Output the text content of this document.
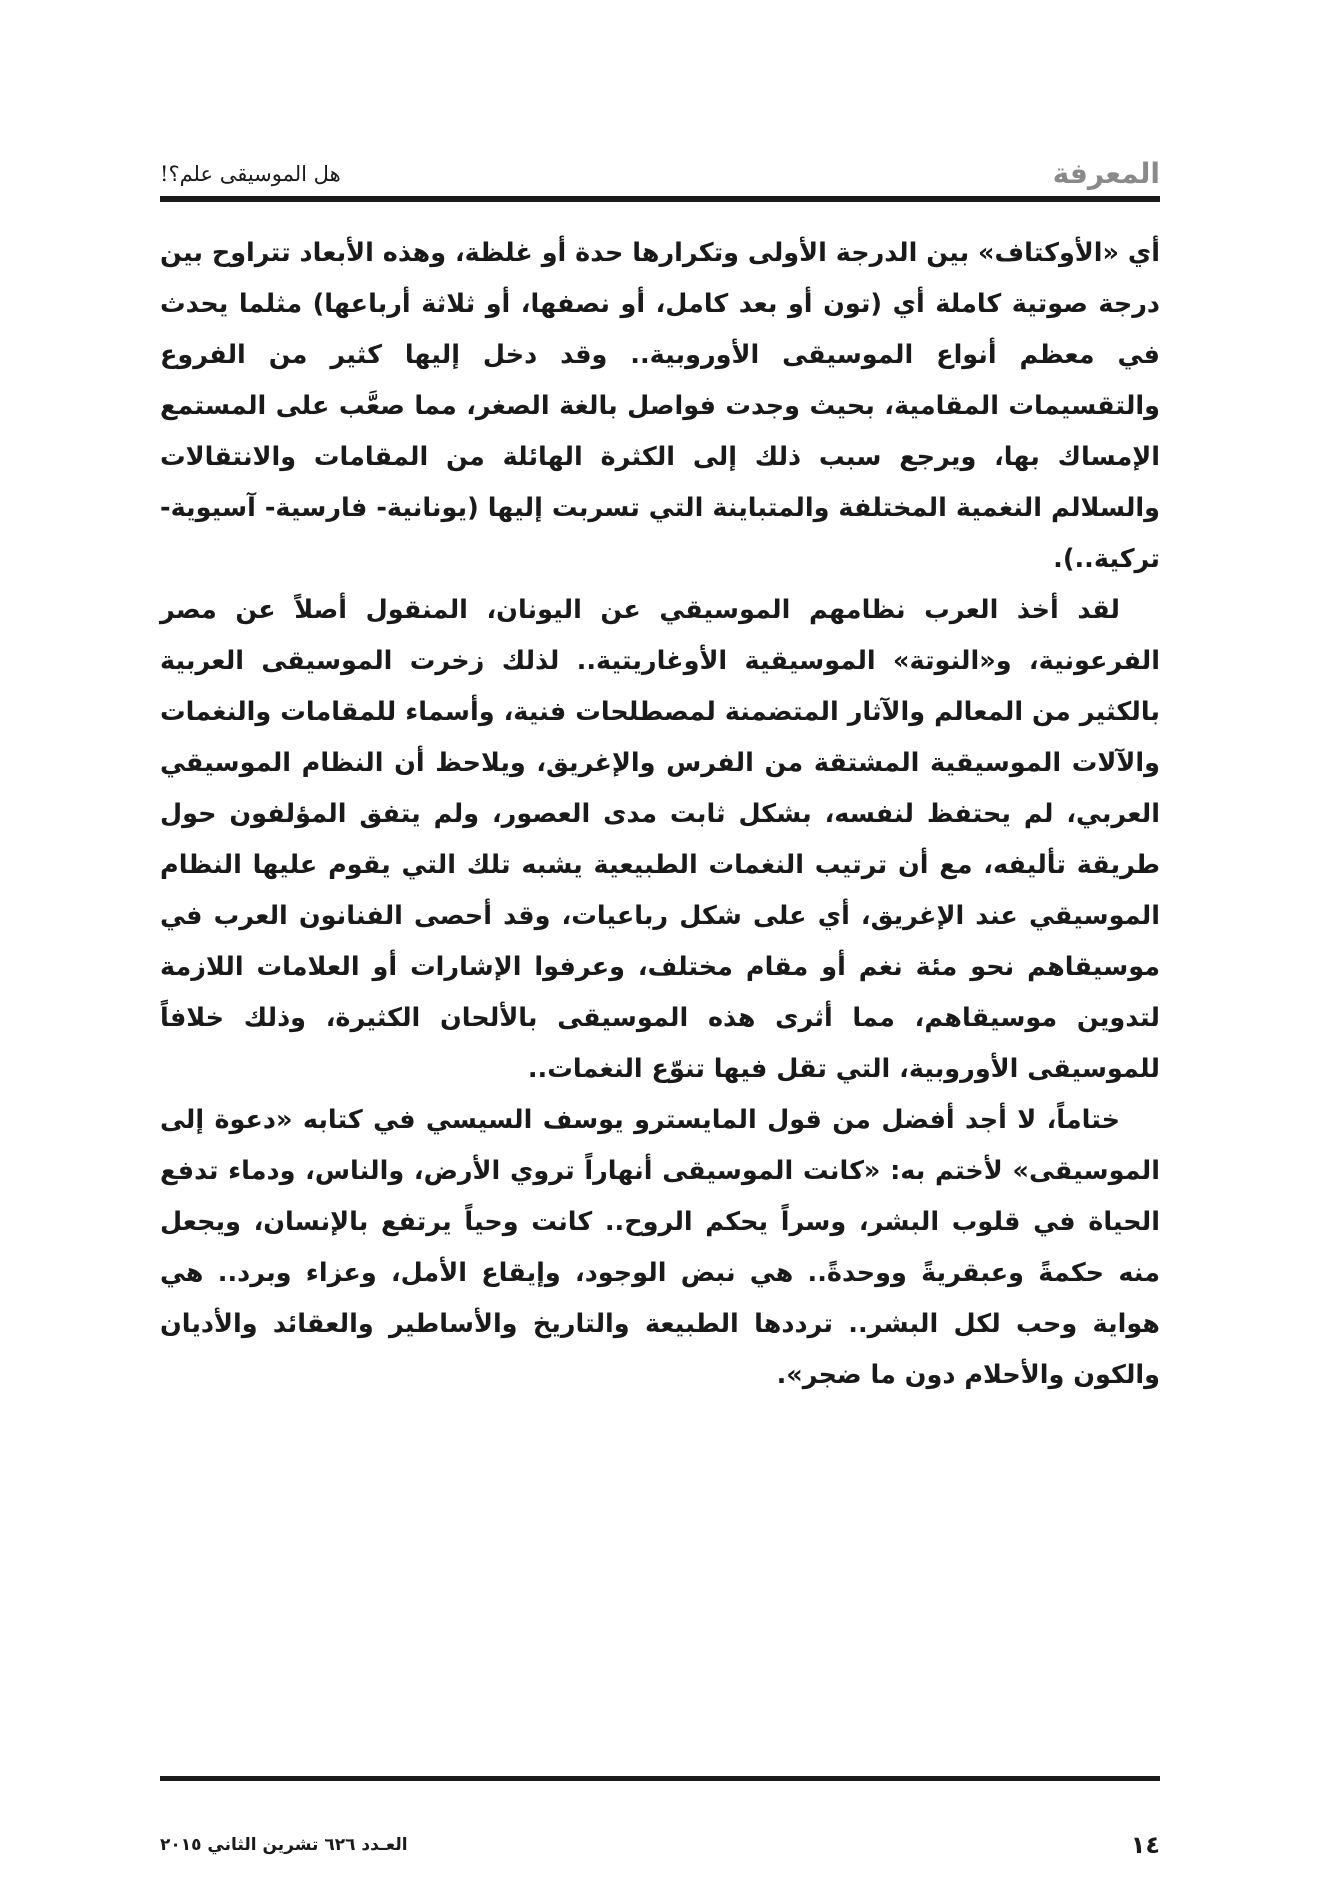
المعرفة
هل الموسيقى علم؟!

أي «الأوكتاف» بين الدرجة الأولى وتكرارها حدة أو غلظة، وهذه الأبعاد تتراوح بين درجة صوتية كاملة أي (تون أو بعد كامل، أو نصفها، أو ثلاثة أرباعها) مثلما يحدث في معظم أنواع الموسيقى الأوروبية.. وقد دخل إليها كثير من الفروع والتقسيمات المقامية، بحيث وجدت فواصل بالغة الصغر، مما صعَّب على المستمع الإمساك بها، ويرجع سبب ذلك إلى الكثرة الهائلة من المقامات والانتقالات والسلالم النغمية المختلفة والمتباينة التي تسربت إليها (يونانية- فارسية- آسيوية- تركية..).

لقد أخذ العرب نظامهم الموسيقي عن اليونان، المنقول أصلاً عن مصر الفرعونية، و«النوتة» الموسيقية الأوغاريتية.. لذلك زخرت الموسيقى العربية بالكثير من المعالم والآثار المتضمنة لمصطلحات فنية، وأسماء للمقامات والنغمات والآلات الموسيقية المشتقة من الفرس والإغريق، ويلاحظ أن النظام الموسيقي العربي، لم يحتفظ لنفسه، بشكل ثابت مدى العصور، ولم يتفق المؤلفون حول طريقة تأليفه، مع أن ترتيب النغمات الطبيعية يشبه تلك التي يقوم عليها النظام الموسيقي عند الإغريق، أي على شكل رباعيات، وقد أحصى الفنانون العرب في موسيقاهم نحو مئة نغم أو مقام مختلف، وعرفوا الإشارات أو العلامات اللازمة لتدوين موسيقاهم، مما أثرى هذه الموسيقى بالألحان الكثيرة، وذلك خلافاً للموسيقى الأوروبية، التي تقل فيها تنوّع النغمات..

ختاماً، لا أجد أفضل من قول المايسترو يوسف السيسي في كتابه «دعوة إلى الموسيقى» لأختم به: «كانت الموسيقى أنهاراً تروي الأرض، والناس، ودماء تدفع الحياة في قلوب البشر، وسراً يحكم الروح.. كانت وحياً يرتفع بالإنسان، ويجعل منه حكمةً وعبقريةً ووحدةً.. هي نبض الوجود، وإيقاع الأمل، وعزاء وبرد.. هي هواية وحب لكل البشر.. ترددها الطبيعة والتاريخ والأساطير والعقائد والأديان والكون والأحلام دون ما ضجر».

١٤
العـدد ٦٢٦ تشرين الثاني ٢٠١٥
